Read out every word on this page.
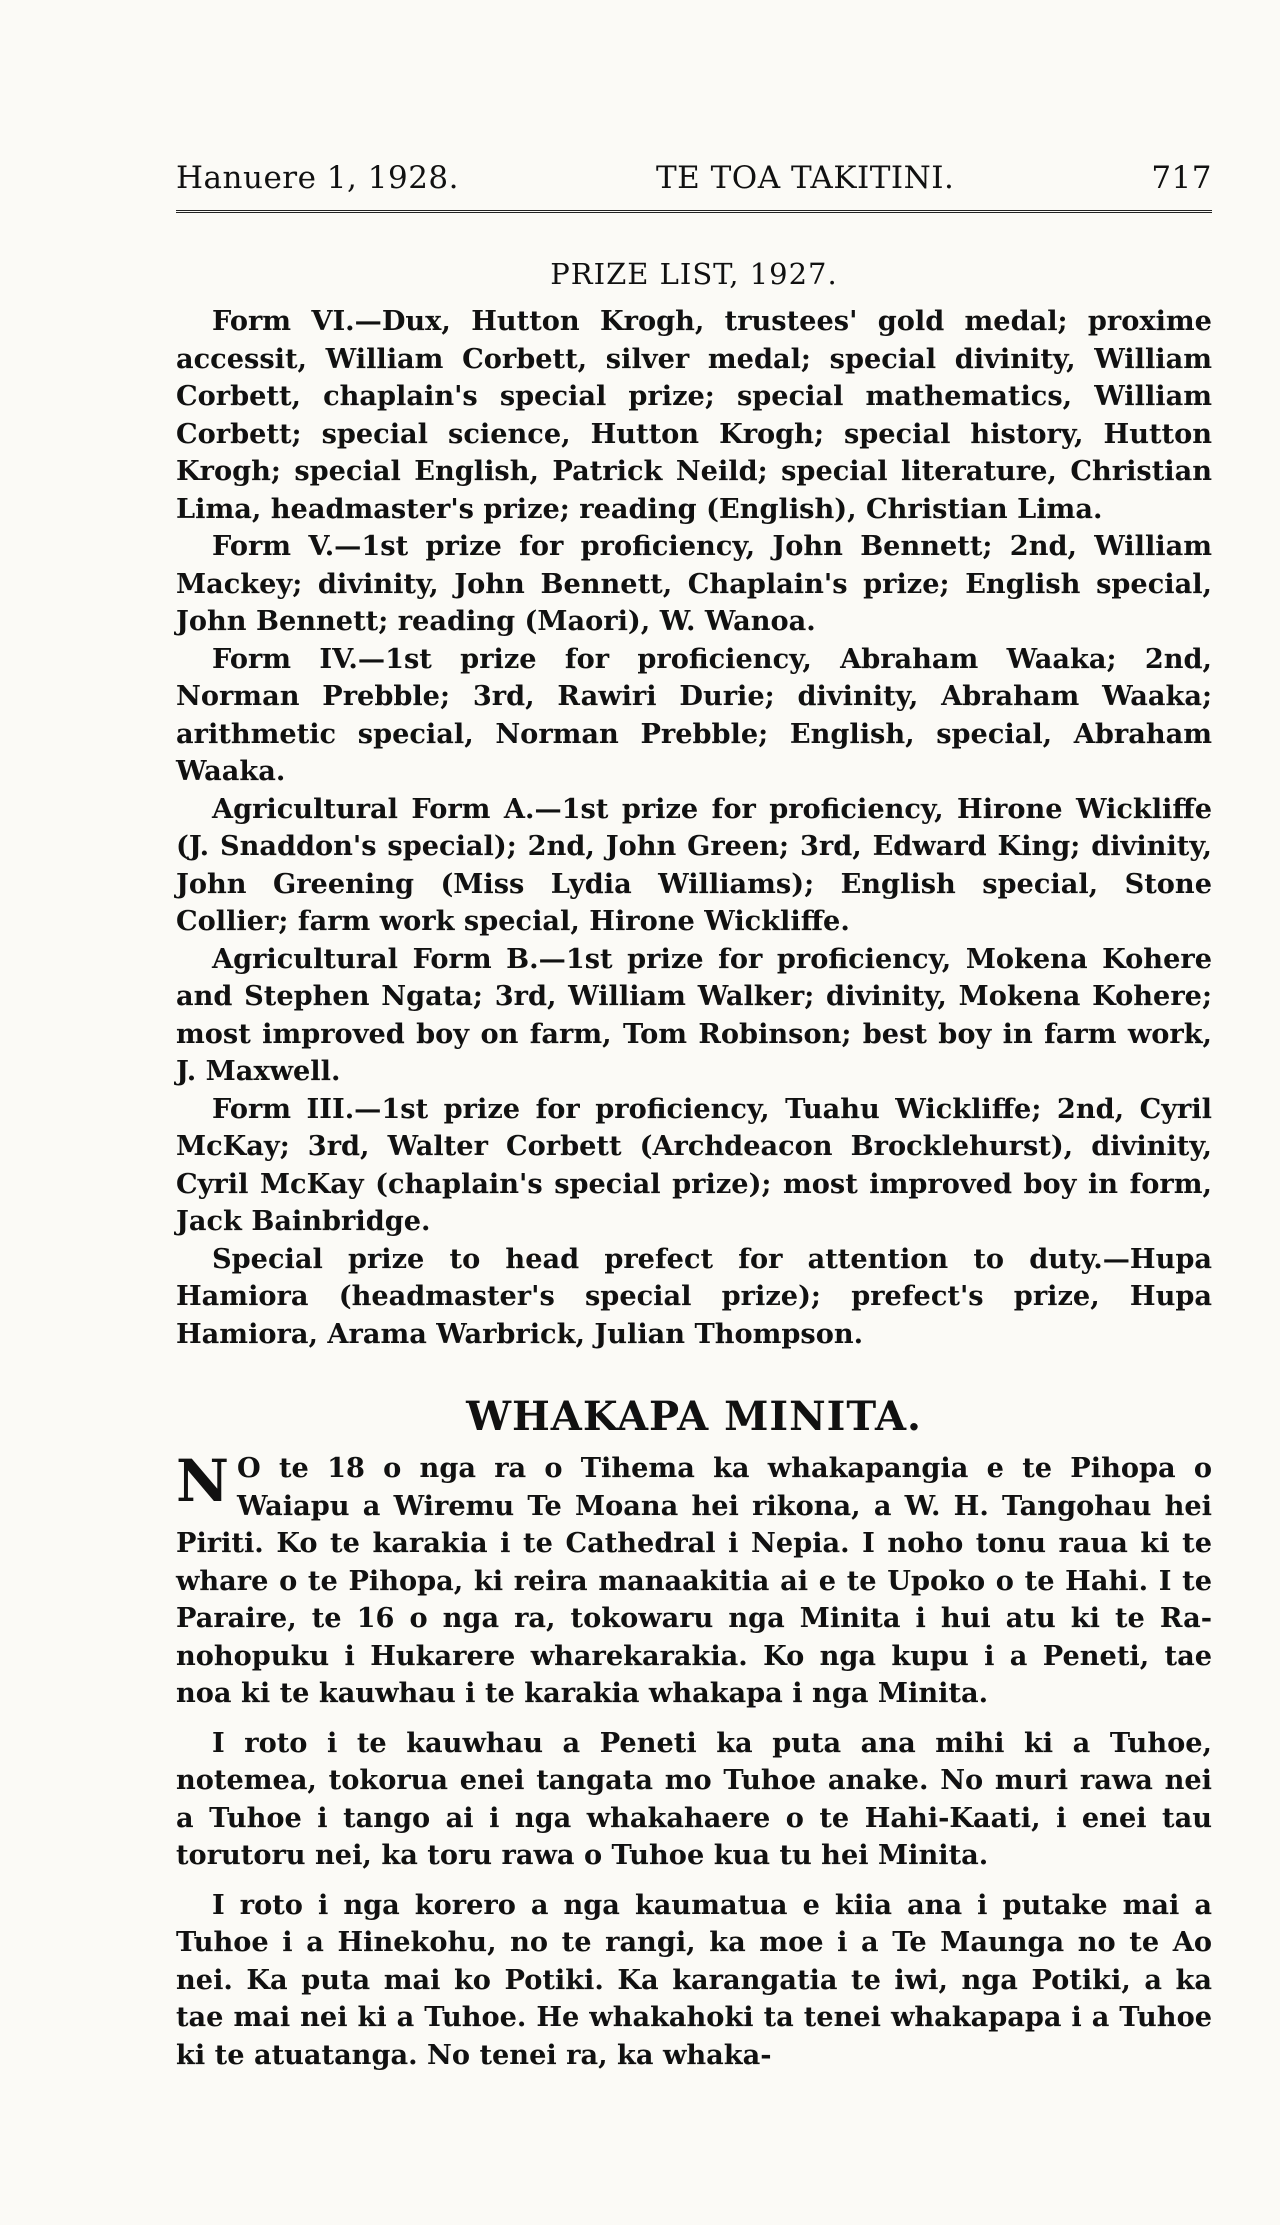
Hanuere 1, 1928.	TE TOA TAKITINI.	717
PRIZE LIST, 1927.

Form VI.—Dux, Hutton Krogh, trustees' gold medal; proxime accessit, William Corbett, silver medal; special divinity, William Corbett, chaplain's special prize; special mathematics, William Corbett; special science, Hutton Krogh; special history, Hutton Krogh; special English, Patrick Neild; special literature, Christian Lima, headmaster's prize; reading (English), Christian Lima.

Form V.—1st prize for proficiency, John Bennett; 2nd, William Mackey; divinity, John Bennett, Chaplain's prize; English special, John Bennett; reading (Maori), W. Wanoa.

Form IV.—1st prize for proficiency, Abraham Waaka; 2nd, Norman Prebble; 3rd, Rawiri Durie; divinity, Abraham Waaka; arithmetic special, Norman Prebble; English, special, Abraham Waaka.

Agricultural Form A.—1st prize for proficiency, Hirone Wickliffe (J. Snaddon's special); 2nd, John Green; 3rd, Edward King; divinity, John Greening (Miss Lydia Williams); English special, Stone Collier; farm work special, Hirone Wickliffe.

Agricultural Form B.—1st prize for proficiency, Mokena Kohere and Stephen Ngata; 3rd, William Walker; divinity, Mokena Kohere; most improved boy on farm, Tom Robinson; best boy in farm work, J. Maxwell.

Form III.—1st prize for proficiency, Tuahu Wickliffe; 2nd, Cyril McKay; 3rd, Walter Corbett (Archdeacon Brocklehurst), divinity, Cyril McKay (chaplain's special prize); most improved boy in form, Jack Bainbridge.

Special prize to head prefect for attention to duty.—Hupa Hamiora (headmaster's special prize); prefect's prize, Hupa Hamiora, Arama Warbrick, Julian Thompson.

WHAKAPA MINITA.

N O te 18 o nga ra o Tihema ka whakapangia e te Pihopa o Waiapu a Wiremu Te Moana hei rikona, a W. H. Tangohau hei Piriti. Ko te karakia i te Cathedral i Nepia. I noho tonu raua ki te whare o te Pihopa, ki reira manaakitia ai e te Upoko o te Hahi. I te Paraire, te 16 o nga ra, tokowaru nga Minita i hui atu ki te Ra- nohopuku i Hukarere wharekarakia. Ko nga kupu i a Peneti, tae noa ki te kauwhau i te karakia whakapa i nga Minita.

I roto i te kauwhau a Peneti ka puta ana mihi ki a Tuhoe, notemea, tokorua enei tangata mo Tuhoe anake. No muri rawa nei a Tuhoe i tango ai i nga whakahaere o te Hahi-Kaati, i enei tau torutoru nei, ka toru rawa o Tuhoe kua tu hei Minita.

I roto i nga korero a nga kaumatua e kiia ana i putake mai a Tuhoe i a Hinekohu, no te rangi, ka moe i a Te Maunga no te Ao nei. Ka puta mai ko Potiki. Ka karangatia te iwi, nga Potiki, a ka tae mai nei ki a Tuhoe. He whakahoki ta tenei whakapapa i a Tuhoe ki te atuatanga. No tenei ra, ka whaka-
